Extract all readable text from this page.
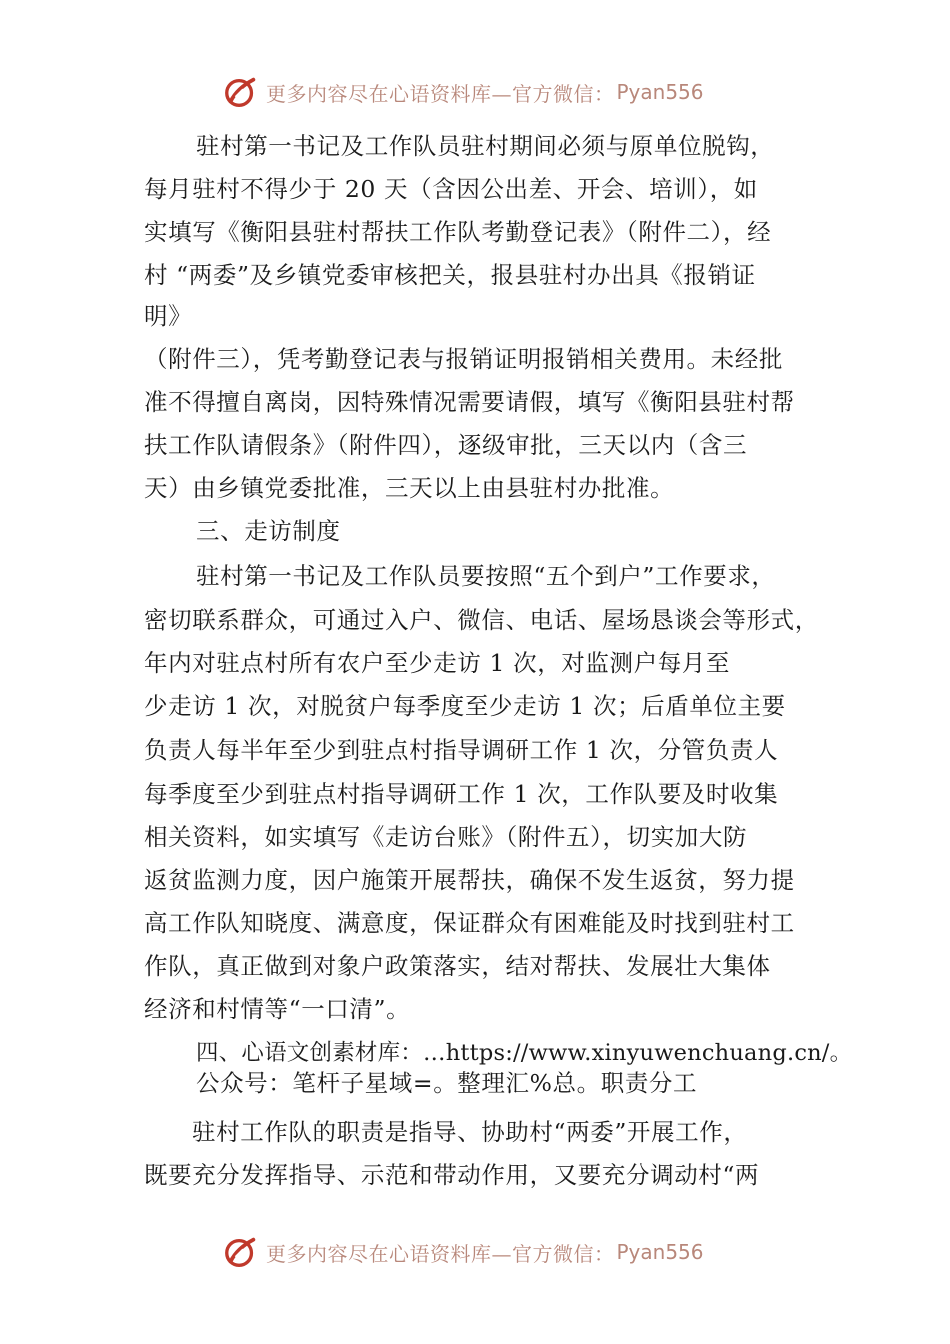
更多内容尽在心语资料库—官方微信： Pyan556
驻村第一书记及工作队员驻村期间必须与原单位脱钩，
每月驻村不得少于 20 天（含因公出差、开会、培训），如
实填写《衡阳县驻村帮扶工作队考勤登记表》（附件二），经
村 “两委”及乡镇党委审核把关，报县驻村办出具《报销证
明》
（附件三），凭考勤登记表与报销证明报销相关费用。未经批
准不得擅自离岗，因特殊情况需要请假，填写《衡阳县驻村帮
扶工作队请假条》（附件四），逐级审批，三天以内（含三
天）由乡镇党委批准，三天以上由县驻村办批准。
三、走访制度
驻村第一书记及工作队员要按照“五个到户”工作要求，
密切联系群众，可通过入户、微信、电话、屋场恳谈会等形式，
年内对驻点村所有农户至少走访 1 次，对监测户每月至
少走访 1 次，对脱贫户每季度至少走访 1 次；后盾单位主要
负责人每半年至少到驻点村指导调研工作 1 次，分管负责人
每季度至少到驻点村指导调研工作 1 次，工作队要及时收集
相关资料，如实填写《走访台账》（附件五），切实加大防
返贫监测力度，因户施策开展帮扶，确保不发生返贫，努力提
高工作队知晓度、满意度，保证群众有困难能及时找到驻村工
作队，真正做到对象户政策落实，结对帮扶、发展壮大集体
经济和村情等“一口清”。
四、心语文创素材库：…https://www.xinyuwenchuang.cn/。
公众号：笔杆子星域=。整理汇%总。职责分工
驻村工作队的职责是指导、协助村“两委”开展工作，
既要充分发挥指导、示范和带动作用，又要充分调动村“两
更多内容尽在心语资料库—官方微信： Pyan556
